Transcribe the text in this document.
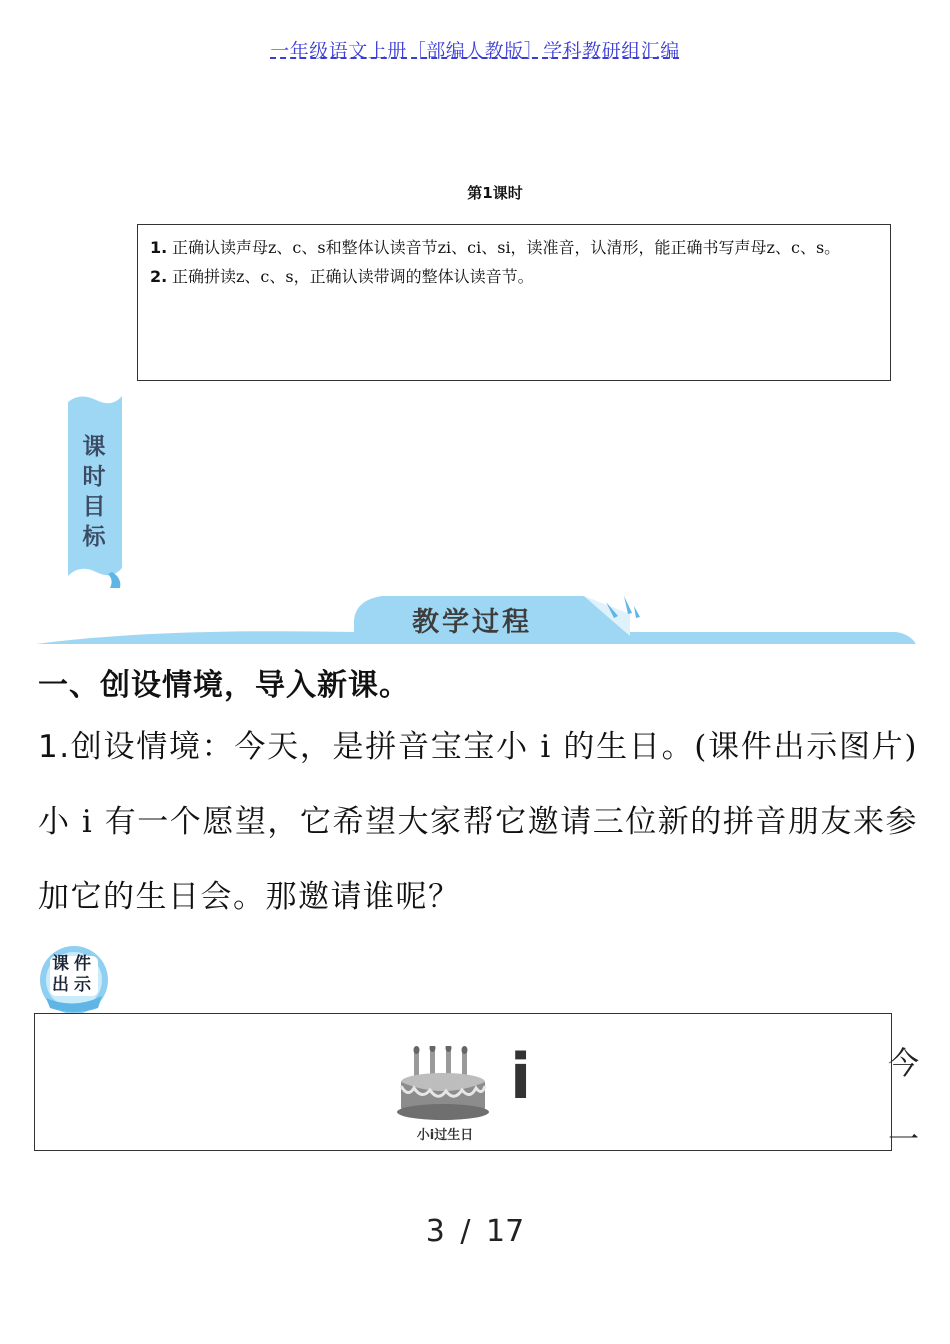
一年级语文上册［部编人教版］学科教研组汇编
第1课时
1. 正确认读声母z、c、s和整体认读音节zi、ci、si，读准音，认清形，能正确书写声母z、c、s。
2. 正确拼读z、c、s，正确认读带调的整体认读音节。
课时目标
教学过程
一、创设情境，导入新课。
1.创设情境：今天，是拼音宝宝小 i 的生日。(课件出示图片)小 i 有一个愿望，它希望大家帮它邀请三位新的拼音朋友来参加它的生日会。那邀请谁呢？
课件
出示
小i过生日
i	今
一
3 / 17
